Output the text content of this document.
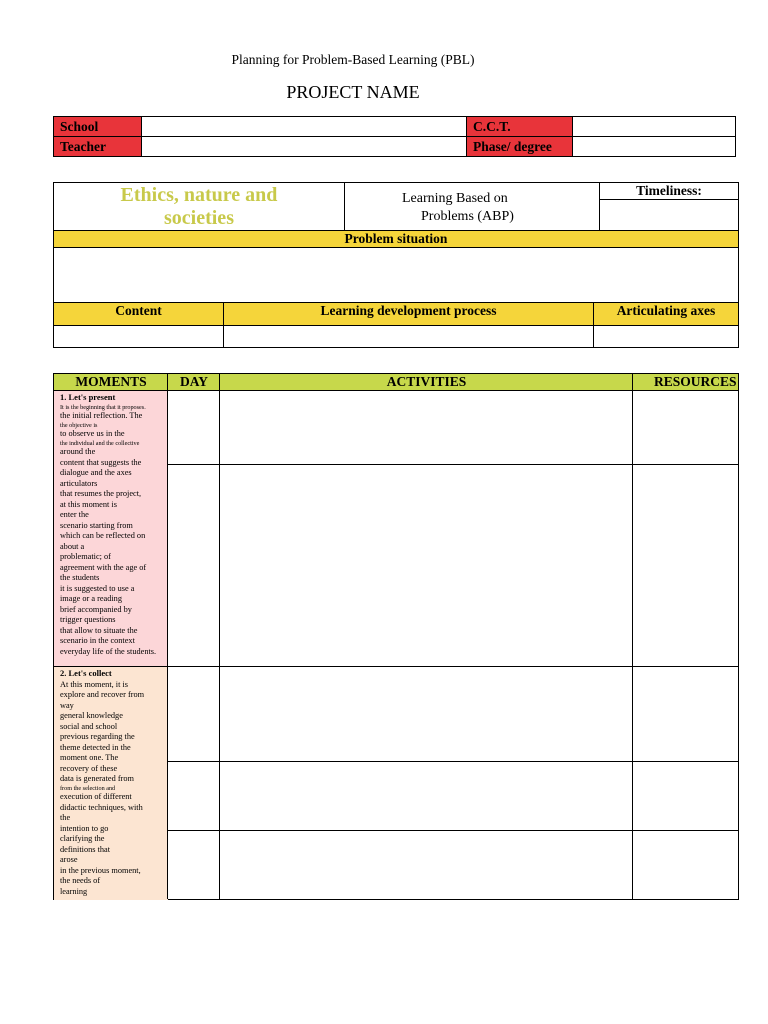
Planning for Problem-Based Learning (PBL)
PROJECT NAME
School	C.C.T.
Teacher	Phase/ degree
Ethics, nature and
societies
Learning Based on
Problems (ABP)
Timeliness:
Problem situation
Content	Learning development process	Articulating axes
MOMENTS	DAY	ACTIVITIES	RESOURCES
1. Let's present
It is the beginning that it proposes.
the initial reflection. The
the objective is
to observe us in the
the individual and the collective
around the
content that suggests the
dialogue and the axes
articulators
that resumes the project,
at this moment is
enter the
scenario starting from
which can be reflected on
about a
problematic; of
agreement with the age of
the students
it is suggested to use a
image or a reading
brief accompanied by
trigger questions
that allow to situate the
scenario in the context
everyday life of the students.
2. Let's collect
At this moment, it is
explore and recover from
way
general knowledge
social and school
previous regarding the
theme detected in the
moment one. The
recovery of these
data is generated from
from the selection and
execution of different
didactic techniques, with
the
intention to go
clarifying the
definitions that
arose
in the previous moment,
the needs of
learning
